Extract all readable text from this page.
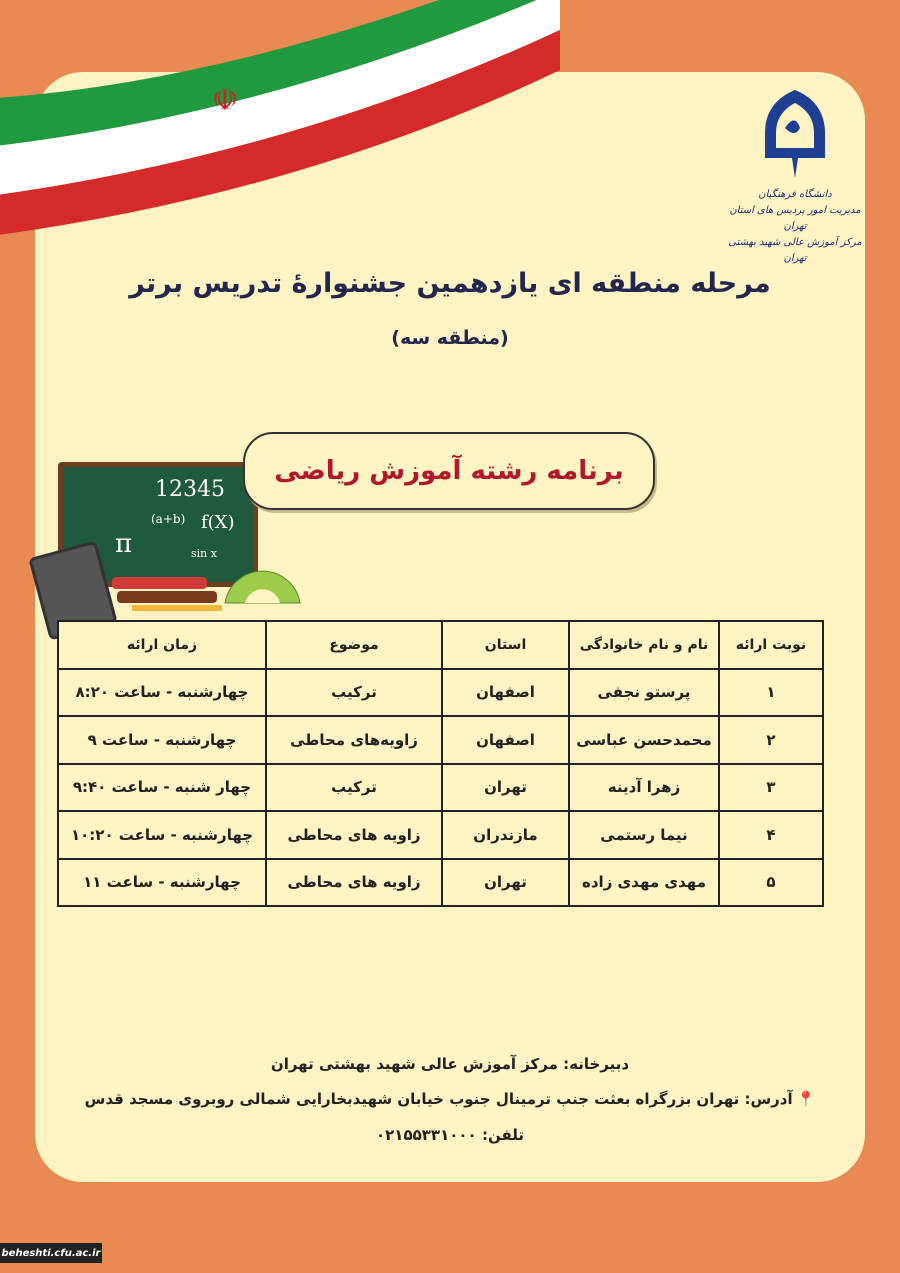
☫
دانشگاه فرهنگیان
مدیریت امور پردیس های استان تهران
مرکز آموزش عالی شهید بهشتی تهران
مرحله منطقه ای یازدهمین جشنوارهٔ تدریس برتر
(منطقه سه)
12345
(a+b) f(X)
π	sin x
برنامه رشته آموزش ریاضی
نوبت ارائه	نام و نام خانوادگی	استان	موضوع	زمان ارائه
۱	پرستو نجفی	اصفهان	ترکیب	چهارشنبه - ساعت ۸:۲۰
۲	محمدحسن عباسی	اصفهان	زاویه‌های محاطی	چهارشنبه - ساعت ۹
۳	زهرا آدینه	تهران	ترکیب	چهار شنبه - ساعت ۹:۴۰
۴	نیما رستمی	مازندران	زاویه های محاطی	چهارشنبه - ساعت ۱۰:۲۰
۵	مهدی مهدی زاده	تهران	زاویه های محاطی	چهارشنبه - ساعت ۱۱
دبیرخانه: مرکز آموزش عالی شهید بهشتی تهران
📍آدرس: تهران بزرگراه بعثت جنب ترمینال جنوب خیابان شهیدبخارایی شمالی روبروی مسجد قدس
تلفن: ۰۲۱۵۵۳۳۱۰۰۰
beheshti.cfu.ac.ir
